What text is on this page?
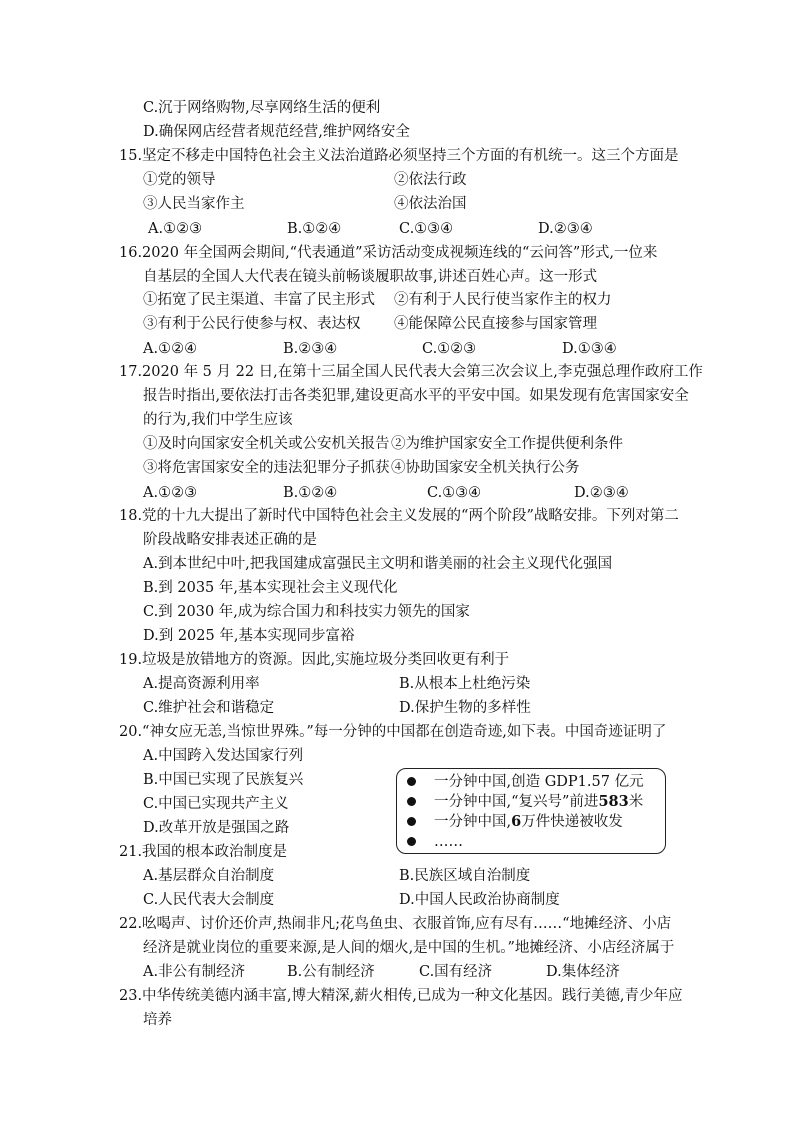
C.沉于网络购物,尽享网络生活的便利
D.确保网店经营者规范经营,维护网络安全
15.坚定不移走中国特色社会主义法治道路必须坚持三个方面的有机统一。这三个方面是
①党的领导	②依法行政
③人民当家作主	④依法治国
A.①②③	B.①②④	C.①③④	D.②③④
16.2020 年全国两会期间,“代表通道”采访活动变成视频连线的“云问答”形式,一位来
自基层的全国人大代表在镜头前畅谈履职故事,讲述百姓心声。这一形式
①拓宽了民主渠道、丰富了民主形式 ②有利于人民行使当家作主的权力
③有利于公民行使参与权、表达权 ④能保障公民直接参与国家管理
A.①②④	B.②③④	C.①②③	D.①③④
17.2020 年 5 月 22 日,在第十三届全国人民代表大会第三次会议上,李克强总理作政府工作
报告时指出,要依法打击各类犯罪,建设更高水平的平安中国。如果发现有危害国家安全
的行为,我们中学生应该
①及时向国家安全机关或公安机关报告 ②为维护国家安全工作提供便利条件
③将危害国家安全的违法犯罪分子抓获 ④协助国家安全机关执行公务
A.①②③	B.①②④	C.①③④	D.②③④
18.党的十九大提出了新时代中国特色社会主义发展的“两个阶段”战略安排。下列对第二
阶段战略安排表述正确的是
A.到本世纪中叶,把我国建成富强民主文明和谐美丽的社会主义现代化强国
B.到 2035 年,基本实现社会主义现代化
C.到 2030 年,成为综合国力和科技实力领先的国家
D.到 2025 年,基本实现同步富裕
19.垃圾是放错地方的资源。因此,实施垃圾分类回收更有利于
A.提高资源利用率	B.从根本上杜绝污染
C.维护社会和谐稳定	D.保护生物的多样性
20.“神女应无恙,当惊世界殊。”每一分钟的中国都在创造奇迹,如下表。中国奇迹证明了
A.中国跨入发达国家行列
B.中国已实现了民族复兴
C.中国已实现共产主义
D.改革开放是强国之路
一分钟中国,创造 GDP1.57 亿元
一分钟中国,“复兴号”前进583米
一分钟中国,6万件快递被收发
……
21.我国的根本政治制度是
A.基层群众自治制度	B.民族区域自治制度
C.人民代表大会制度	D.中国人民政治协商制度
22.吆喝声、讨价还价声,热闹非凡;花鸟鱼虫、衣服首饰,应有尽有……“地摊经济、小店
经济是就业岗位的重要来源,是人间的烟火,是中国的生机。”地摊经济、小店经济属于
A.非公有制经济	B.公有制经济	C.国有经济	D.集体经济
23.中华传统美德内涵丰富,博大精深,薪火相传,已成为一种文化基因。践行美德,青少年应
培养
